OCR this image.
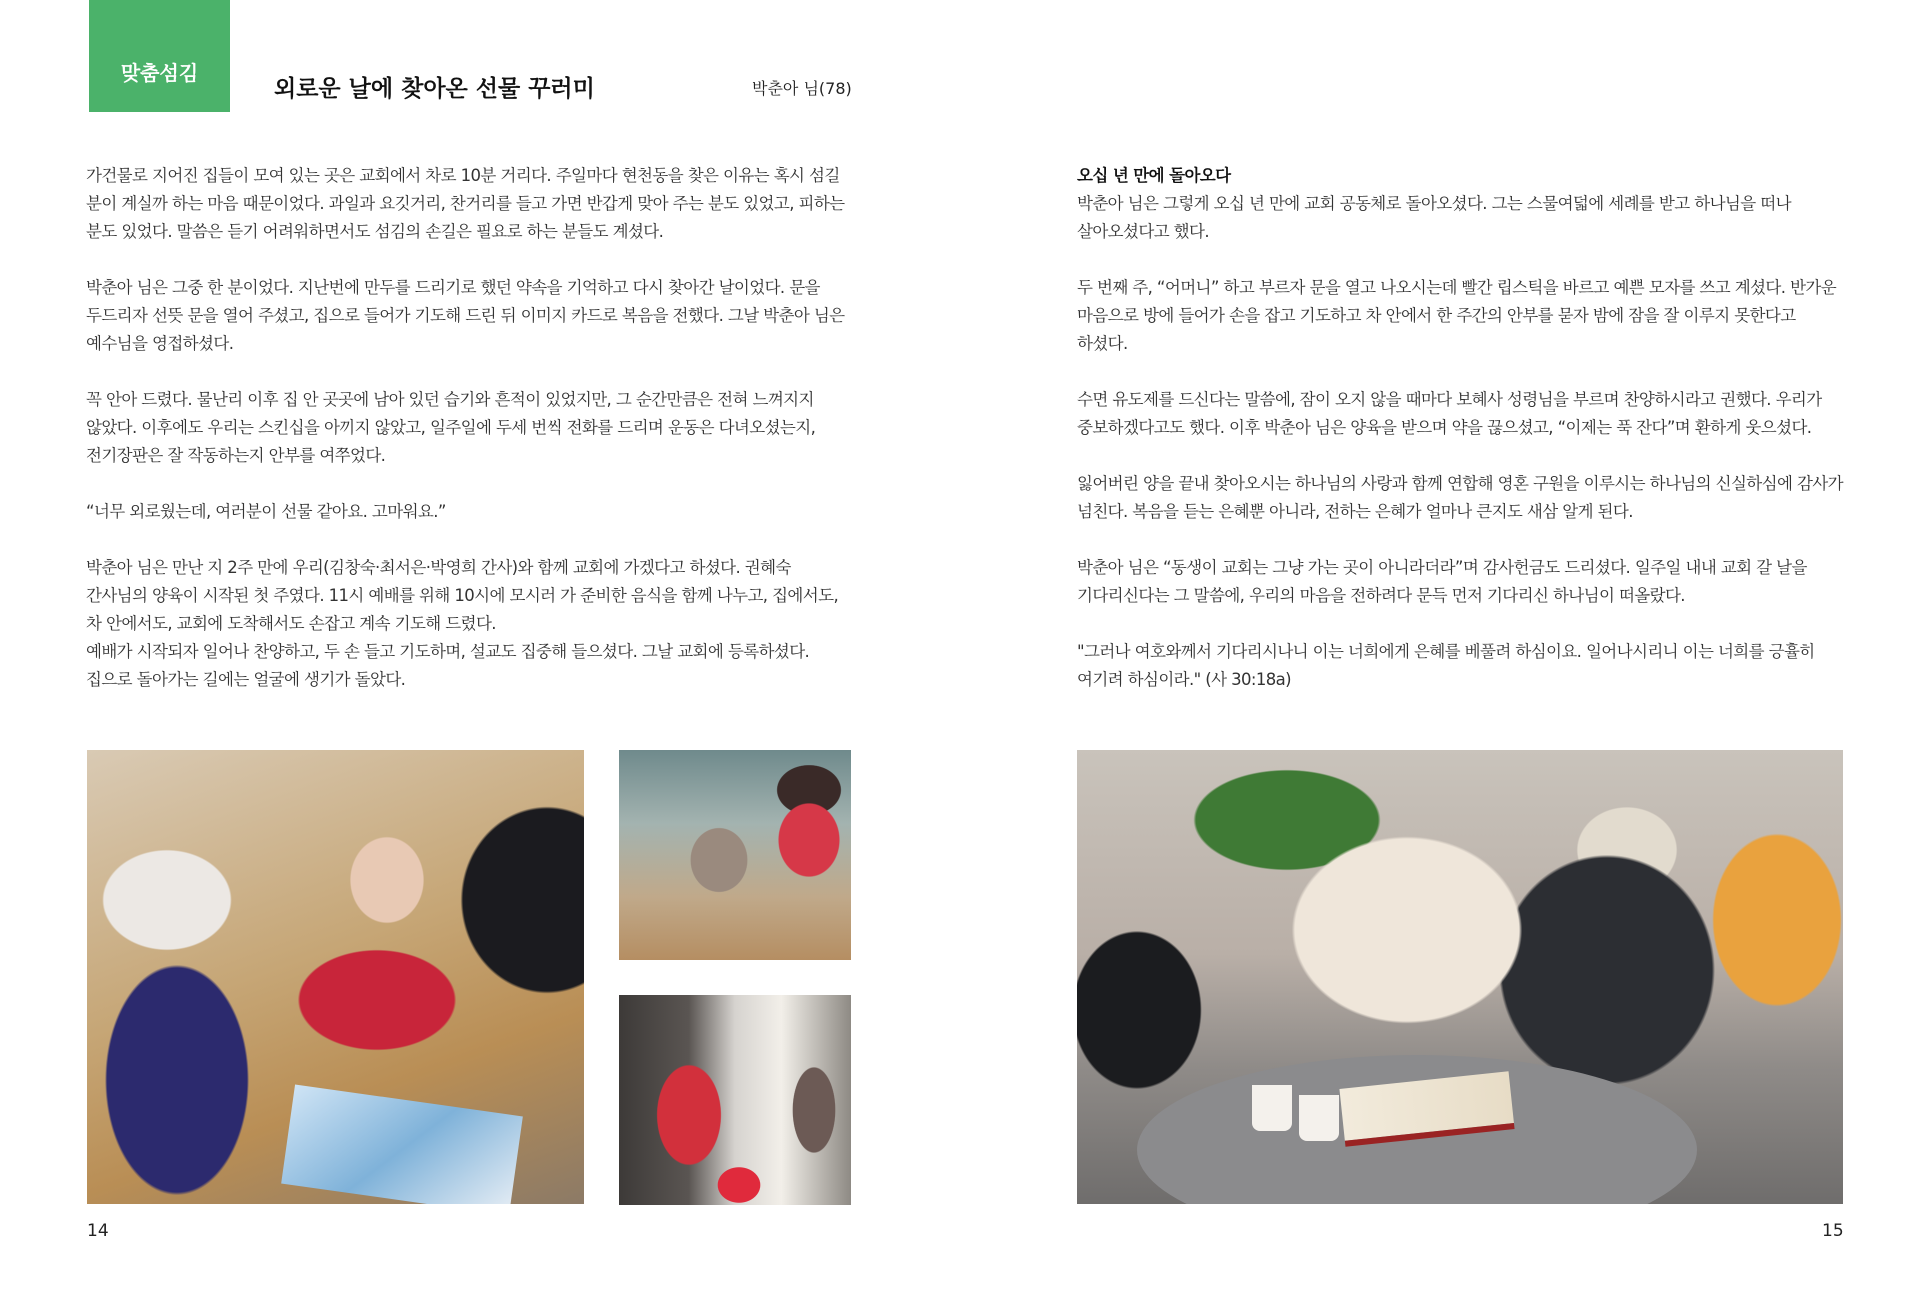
맞춤섬김
외로운 날에 찾아온 선물 꾸러미	박춘아 님(78)

가건물로 지어진 집들이 모여 있는 곳은 교회에서 차로 10분 거리다. 주일마다 현천동을 찾은 이유는 혹시 섬길 분이 계실까 하는 마음 때문이었다. 과일과 요깃거리, 찬거리를 들고 가면 반갑게 맞아 주는 분도 있었고, 피하는 분도 있었다. 말씀은 듣기 어려워하면서도 섬김의 손길은 필요로 하는 분들도 계셨다.

박춘아 님은 그중 한 분이었다. 지난번에 만두를 드리기로 했던 약속을 기억하고 다시 찾아간 날이었다. 문을 두드리자 선뜻 문을 열어 주셨고, 집으로 들어가 기도해 드린 뒤 이미지 카드로 복음을 전했다. 그날 박춘아 님은 예수님을 영접하셨다.

꼭 안아 드렸다. 물난리 이후 집 안 곳곳에 남아 있던 습기와 흔적이 있었지만, 그 순간만큼은 전혀 느껴지지 않았다. 이후에도 우리는 스킨십을 아끼지 않았고, 일주일에 두세 번씩 전화를 드리며 운동은 다녀오셨는지, 전기장판은 잘 작동하는지 안부를 여쭈었다.

“너무 외로웠는데, 여러분이 선물 같아요. 고마워요.”

박춘아 님은 만난 지 2주 만에 우리(김창숙·최서은·박영희 간사)와 함께 교회에 가겠다고 하셨다. 권혜숙 간사님의 양육이 시작된 첫 주였다. 11시 예배를 위해 10시에 모시러 가 준비한 음식을 함께 나누고, 집에서도, 차 안에서도, 교회에 도착해서도 손잡고 계속 기도해 드렸다.

예배가 시작되자 일어나 찬양하고, 두 손 들고 기도하며, 설교도 집중해 들으셨다. 그날 교회에 등록하셨다. 집으로 돌아가는 길에는 얼굴에 생기가 돌았다.

오십 년 만에 돌아오다

박춘아 님은 그렇게 오십 년 만에 교회 공동체로 돌아오셨다. 그는 스물여덟에 세례를 받고 하나님을 떠나 살아오셨다고 했다.

두 번째 주, “어머니” 하고 부르자 문을 열고 나오시는데 빨간 립스틱을 바르고 예쁜 모자를 쓰고 계셨다. 반가운 마음으로 방에 들어가 손을 잡고 기도하고 차 안에서 한 주간의 안부를 묻자 밤에 잠을 잘 이루지 못한다고 하셨다.

수면 유도제를 드신다는 말씀에, 잠이 오지 않을 때마다 보혜사 성령님을 부르며 찬양하시라고 권했다. 우리가 중보하겠다고도 했다. 이후 박춘아 님은 양육을 받으며 약을 끊으셨고, “이제는 푹 잔다”며 환하게 웃으셨다.

잃어버린 양을 끝내 찾아오시는 하나님의 사랑과 함께 연합해 영혼 구원을 이루시는 하나님의 신실하심에 감사가 넘친다. 복음을 듣는 은혜뿐 아니라, 전하는 은혜가 얼마나 큰지도 새삼 알게 된다.

박춘아 님은 “동생이 교회는 그냥 가는 곳이 아니라더라”며 감사헌금도 드리셨다. 일주일 내내 교회 갈 날을 기다리신다는 그 말씀에, 우리의 마음을 전하려다 문득 먼저 기다리신 하나님이 떠올랐다.

"그러나 여호와께서 기다리시나니 이는 너희에게 은혜를 베풀려 하심이요. 일어나시리니 이는 너희를 긍휼히 여기려 하심이라." (사 30:18a)

14	15
